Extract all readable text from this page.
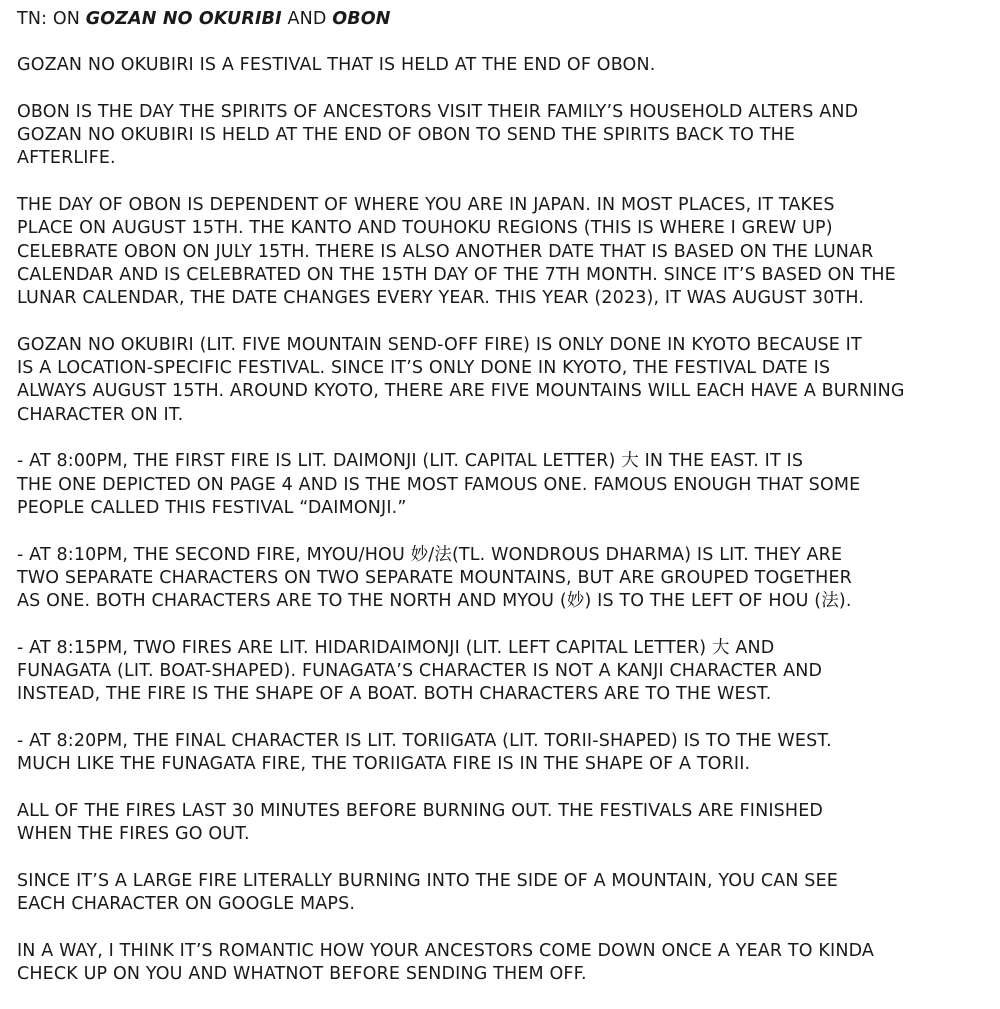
TN: ON GOZAN NO OKURIBI AND OBON
GOZAN NO OKUBIRI IS A FESTIVAL THAT IS HELD AT THE END OF OBON.
OBON IS THE DAY THE SPIRITS OF ANCESTORS VISIT THEIR FAMILY’S HOUSEHOLD ALTERS AND
GOZAN NO OKUBIRI IS HELD AT THE END OF OBON TO SEND THE SPIRITS BACK TO THE
AFTERLIFE.
THE DAY OF OBON IS DEPENDENT OF WHERE YOU ARE IN JAPAN. IN MOST PLACES, IT TAKES
PLACE ON AUGUST 15TH. THE KANTO AND TOUHOKU REGIONS (THIS IS WHERE I GREW UP)
CELEBRATE OBON ON JULY 15TH. THERE IS ALSO ANOTHER DATE THAT IS BASED ON THE LUNAR
CALENDAR AND IS CELEBRATED ON THE 15TH DAY OF THE 7TH MONTH. SINCE IT’S BASED ON THE
LUNAR CALENDAR, THE DATE CHANGES EVERY YEAR. THIS YEAR (2023), IT WAS AUGUST 30TH.
GOZAN NO OKUBIRI (LIT. FIVE MOUNTAIN SEND-OFF FIRE) IS ONLY DONE IN KYOTO BECAUSE IT
IS A LOCATION-SPECIFIC FESTIVAL. SINCE IT’S ONLY DONE IN KYOTO, THE FESTIVAL DATE IS
ALWAYS AUGUST 15TH. AROUND KYOTO, THERE ARE FIVE MOUNTAINS WILL EACH HAVE A BURNING
CHARACTER ON IT.
- AT 8:00PM, THE FIRST FIRE IS LIT. DAIMONJI (LIT. CAPITAL LETTER) 大 IN THE EAST. IT IS
THE ONE DEPICTED ON PAGE 4 AND IS THE MOST FAMOUS ONE. FAMOUS ENOUGH THAT SOME
PEOPLE CALLED THIS FESTIVAL “DAIMONJI.”
- AT 8:10PM, THE SECOND FIRE, MYOU/HOU 妙/法(TL. WONDROUS DHARMA) IS LIT. THEY ARE
TWO SEPARATE CHARACTERS ON TWO SEPARATE MOUNTAINS, BUT ARE GROUPED TOGETHER
AS ONE. BOTH CHARACTERS ARE TO THE NORTH AND MYOU (妙) IS TO THE LEFT OF HOU (法).
- AT 8:15PM, TWO FIRES ARE LIT. HIDARIDAIMONJI (LIT. LEFT CAPITAL LETTER) 大 AND
FUNAGATA (LIT. BOAT-SHAPED). FUNAGATA’S CHARACTER IS NOT A KANJI CHARACTER AND
INSTEAD, THE FIRE IS THE SHAPE OF A BOAT. BOTH CHARACTERS ARE TO THE WEST.
- AT 8:20PM, THE FINAL CHARACTER IS LIT. TORIIGATA (LIT. TORII-SHAPED) IS TO THE WEST.
MUCH LIKE THE FUNAGATA FIRE, THE TORIIGATA FIRE IS IN THE SHAPE OF A TORII.
ALL OF THE FIRES LAST 30 MINUTES BEFORE BURNING OUT. THE FESTIVALS ARE FINISHED
WHEN THE FIRES GO OUT.
SINCE IT’S A LARGE FIRE LITERALLY BURNING INTO THE SIDE OF A MOUNTAIN, YOU CAN SEE
EACH CHARACTER ON GOOGLE MAPS.
IN A WAY, I THINK IT’S ROMANTIC HOW YOUR ANCESTORS COME DOWN ONCE A YEAR TO KINDA
CHECK UP ON YOU AND WHATNOT BEFORE SENDING THEM OFF.
